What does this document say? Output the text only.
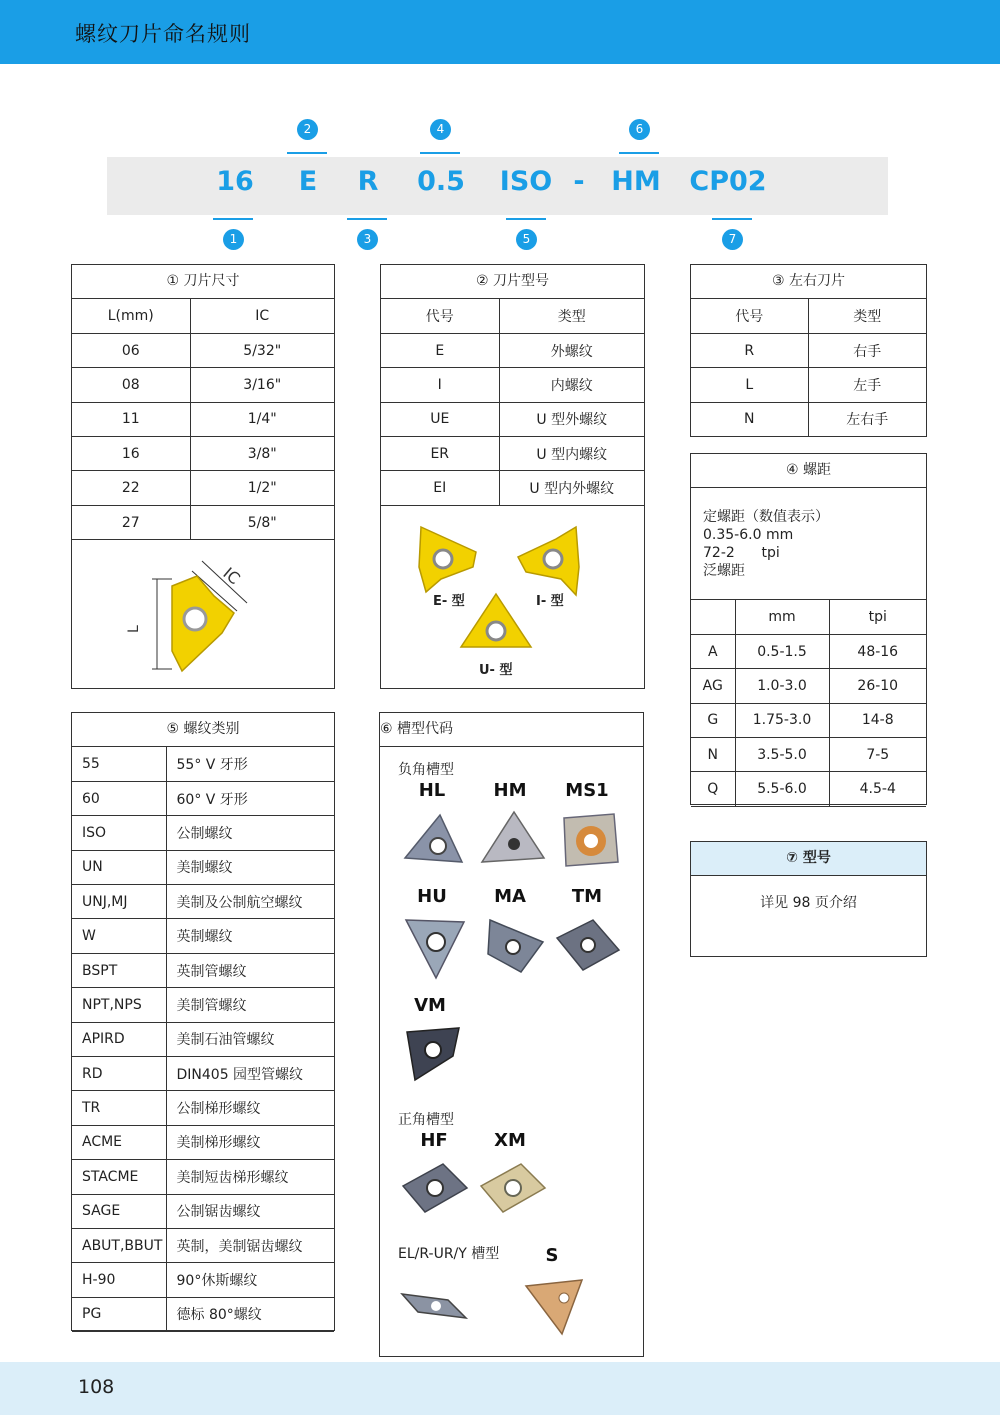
螺纹刀片命名规则
16 E R 0.5 ISO - HM CP02
2	4	6
1	3	5	7
① 刀片尺寸
L(mm)	IC
06	5/32"
08	3/16"
11	1/4"
16	3/8"
22	1/2"
27	5/8"
L
IC
② 刀片型号
代号	类型
E	外螺纹
I	内螺纹
UE	U 型外螺纹
ER	U 型内螺纹
EI	U 型内外螺纹
E- 型	I- 型
U- 型
③ 左右刀片
代号	类型
R	右手
L	左手
N	左右手
④ 螺距
定螺距（数值表示）
0.35-6.0 mm
72-2      tpi
泛螺距
	mm	tpi
A	0.5-1.5	48-16
AG	1.0-3.0	26-10
G	1.75-3.0	14-8
N	3.5-5.0	7-5
Q	5.5-6.0	4.5-4
⑦ 型号
详见 98 页介绍
⑤ 螺纹类别
55	55° V 牙形
60	60° V 牙形
ISO	公制螺纹
UN	美制螺纹
UNJ,MJ	美制及公制航空螺纹
W	英制螺纹
BSPT	英制管螺纹
NPT,NPS	美制管螺纹
APIRD	美制石油管螺纹
RD	DIN405 园型管螺纹
TR	公制梯形螺纹
ACME	美制梯形螺纹
STACME	美制短齿梯形螺纹
SAGE	公制锯齿螺纹
ABUT,BBUT	英制，美制锯齿螺纹
H-90	90°休斯螺纹
PG	德标 80°螺纹
⑥ 槽型代码
负角槽型
HL	HM MS1
HU	MA	TM
VM
正角槽型
HF	XM
EL/R-UR/Y 槽型	S
108
